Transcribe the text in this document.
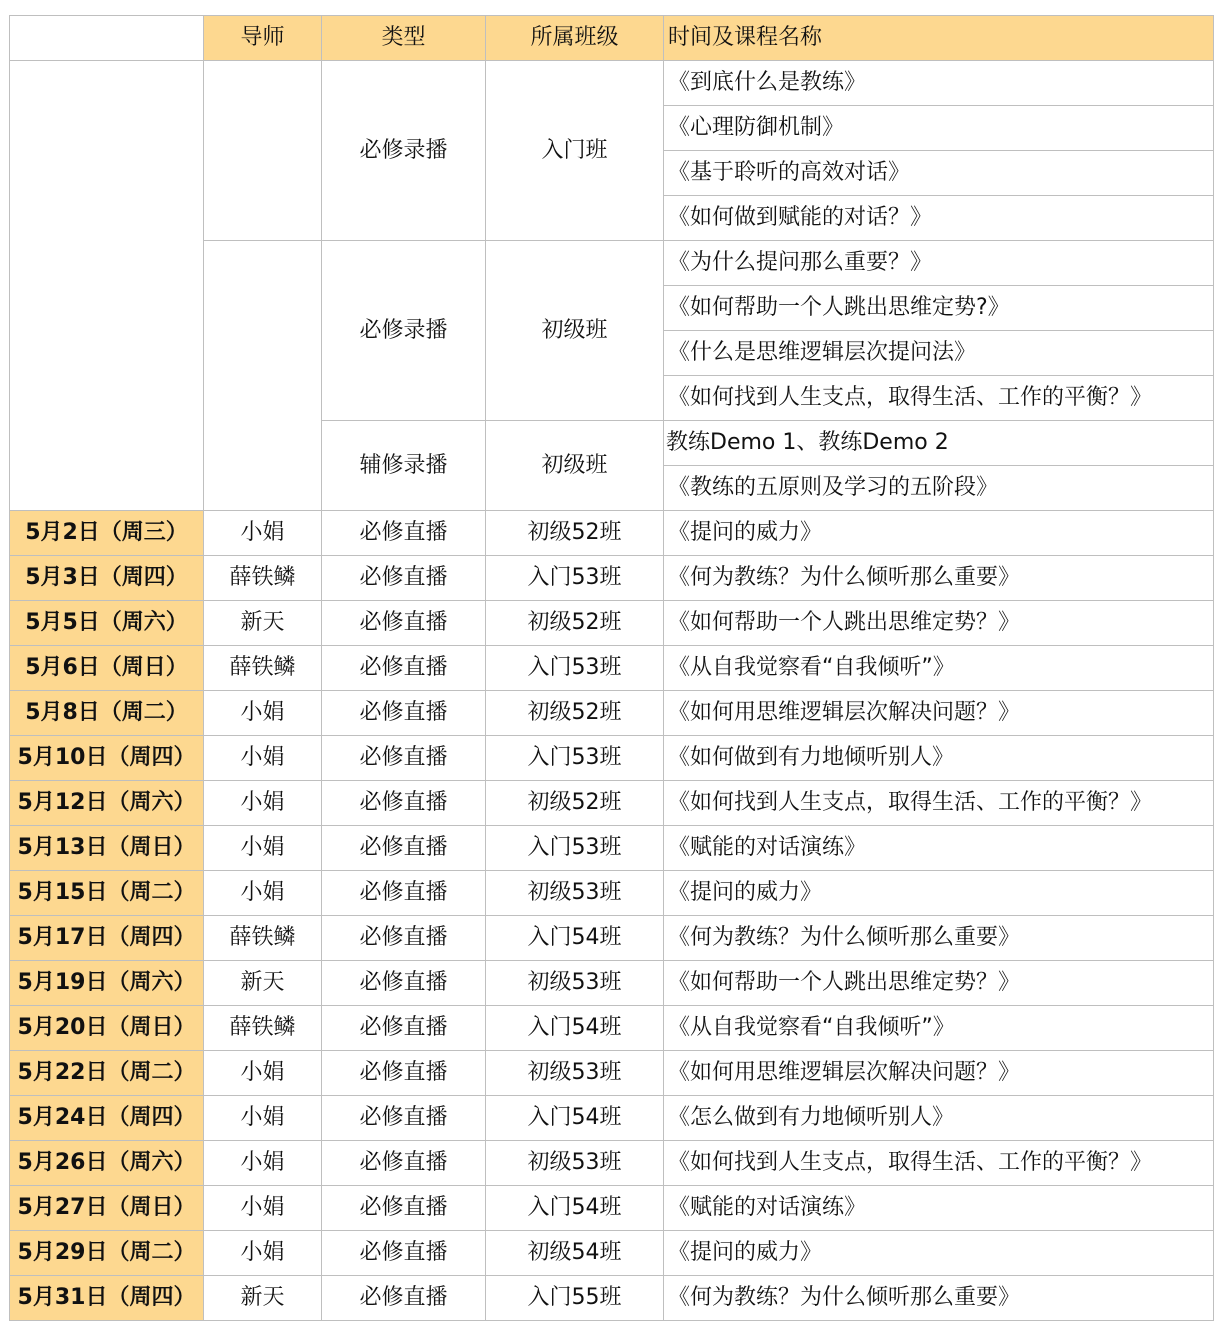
	导师	类型	所属班级	时间及课程名称
		必修录播	入门班	《到底什么是教练》
				《心理防御机制》
				《基于聆听的高效对话》
				《如何做到赋能的对话？》
		必修录播	初级班	《为什么提问那么重要？》
				《如何帮助一个人跳出思维定势?》
				《什么是思维逻辑层次提问法》
				《如何找到人生支点，取得生活、工作的平衡？》
		辅修录播	初级班	教练Demo 1、教练Demo 2
				《教练的五原则及学习的五阶段》
5月2日（周三）	小娟	必修直播	初级52班	《提问的威力》
5月3日（周四）	薛铁鳞	必修直播	入门53班	《何为教练？为什么倾听那么重要》
5月5日（周六）	新天	必修直播	初级52班	《如何帮助一个人跳出思维定势？》
5月6日（周日）	薛铁鳞	必修直播	入门53班	《从自我觉察看“自我倾听”》
5月8日（周二）	小娟	必修直播	初级52班	《如何用思维逻辑层次解决问题？》
5月10日（周四）	小娟	必修直播	入门53班	《如何做到有力地倾听别人》
5月12日（周六）	小娟	必修直播	初级52班	《如何找到人生支点，取得生活、工作的平衡？》
5月13日（周日）	小娟	必修直播	入门53班	《赋能的对话演练》
5月15日（周二）	小娟	必修直播	初级53班	《提问的威力》
5月17日（周四）	薛铁鳞	必修直播	入门54班	《何为教练？为什么倾听那么重要》
5月19日（周六）	新天	必修直播	初级53班	《如何帮助一个人跳出思维定势？》
5月20日（周日）	薛铁鳞	必修直播	入门54班	《从自我觉察看“自我倾听”》
5月22日（周二）	小娟	必修直播	初级53班	《如何用思维逻辑层次解决问题？》
5月24日（周四）	小娟	必修直播	入门54班	《怎么做到有力地倾听别人》
5月26日（周六）	小娟	必修直播	初级53班	《如何找到人生支点，取得生活、工作的平衡？》
5月27日（周日）	小娟	必修直播	入门54班	《赋能的对话演练》
5月29日（周二）	小娟	必修直播	初级54班	《提问的威力》
5月31日（周四）	新天	必修直播	入门55班	《何为教练？为什么倾听那么重要》
